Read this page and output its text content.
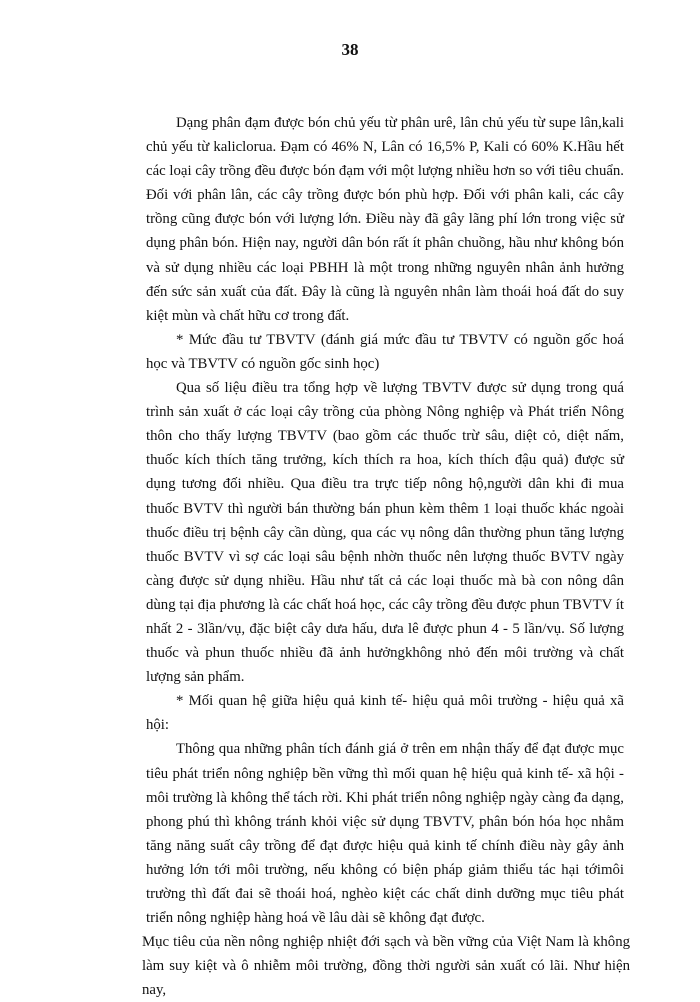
38

Dạng phân đạm được bón chủ yếu từ phân urê, lân chủ yếu từ supe lân,kali chủ yếu từ kaliclorua. Đạm có 46% N, Lân có 16,5% P, Kali có 60% K.Hầu hết các loại cây trồng đều được bón đạm với một lượng nhiều hơn so với tiêu chuẩn. Đối với phân lân, các cây trồng được bón phù hợp. Đối với phân kali, các cây trồng cũng được bón với lượng lớn. Điều này đã gây lãng phí lớn trong việc sử dụng phân bón. Hiện nay, người dân bón rất ít phân chuồng, hầu như không bón và sử dụng nhiều các loại PBHH là một trong những nguyên nhân ảnh hưởng đến sức sản xuất của đất. Đây là cũng là nguyên nhân làm thoái hoá đất do suy kiệt mùn và chất hữu cơ trong đất.

* Mức đầu tư TBVTV (đánh giá mức đầu tư TBVTV có nguồn gốc hoá học và TBVTV có nguồn gốc sinh học)

Qua số liệu điều tra tổng hợp về lượng TBVTV được sử dụng trong quá trình sản xuất ở các loại cây trồng của phòng Nông nghiệp và Phát triển Nông thôn cho thấy lượng TBVTV (bao gồm các thuốc trừ sâu, diệt cỏ, diệt nấm, thuốc kích thích tăng trưởng, kích thích ra hoa, kích thích đậu quả) được sử dụng tương đối nhiều. Qua điều tra trực tiếp nông hộ,người dân khi đi mua thuốc BVTV thì người bán thường bán phun kèm thêm 1 loại thuốc khác ngoài thuốc điều trị bệnh cây cần dùng, qua các vụ nông dân thường phun tăng lượng thuốc BVTV vì sợ các loại sâu bệnh nhờn thuốc nên lượng thuốc BVTV ngày càng được sử dụng nhiều. Hầu như tất cả các loại thuốc mà bà con nông dân dùng tại địa phương là các chất hoá học, các cây trồng đều được phun TBVTV ít nhất 2 - 3lần/vụ, đặc biệt cây dưa hấu, dưa lê được phun 4 - 5 lần/vụ. Số lượng thuốc và phun thuốc nhiều đã ảnh hưởngkhông nhỏ đến môi trường và chất lượng sản phẩm.

* Mối quan hệ giữa hiệu quả kinh tế- hiệu quả môi trường - hiệu quả xã hội:

Thông qua những phân tích đánh giá ở trên em nhận thấy để đạt được mục tiêu phát triển nông nghiệp bền vững thì mối quan hệ hiệu quả kinh tế- xã hội - môi trường là không thể tách rời. Khi phát triển nông nghiệp ngày càng đa dạng, phong phú thì không tránh khỏi việc sử dụng TBVTV, phân bón hóa học nhằm tăng năng suất cây trồng để đạt được hiệu quả kinh tế chính điều này gây ảnh hưởng lớn tới môi trường, nếu không có biện pháp giảm thiểu tác hại tớimôi trường thì đất đai sẽ thoái hoá, nghèo kiệt các chất dinh dưỡng mục tiêu phát triển nông nghiệp hàng hoá về lâu dài sẽ không đạt được.

Mục tiêu của nền nông nghiệp nhiệt đới sạch và bền vững của Việt Nam là không làm suy kiệt và ô nhiễm môi trường, đồng thời người sản xuất có lãi. Như hiện nay,
